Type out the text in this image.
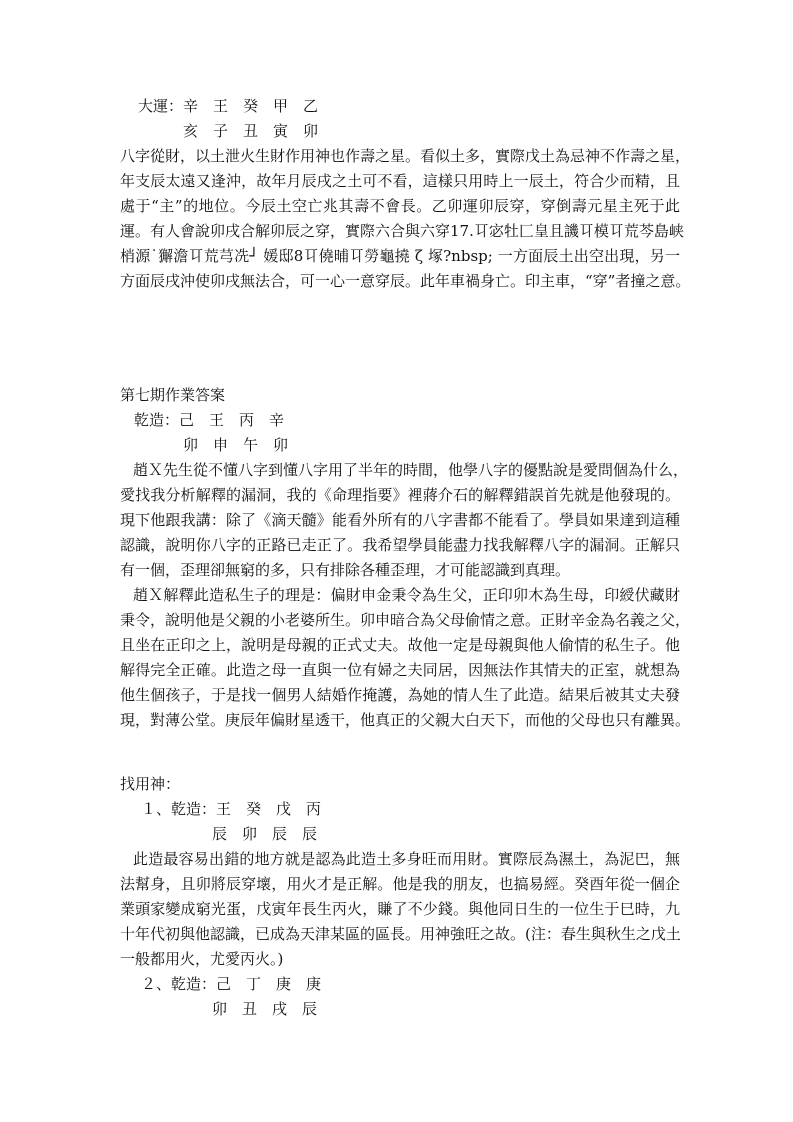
大運：辛　王　癸　甲　乙
亥　子　丑　寅　卯
八字從財，以土泄火生財作用神也作壽之星。看似土多，實際戊土為忌神不作壽之星，
年支辰太遠又逢沖，故年月辰戌之土可不看，這樣只用時上一辰土，符合少而精，且
處于“主”的地位。今辰土空亡兆其壽不會長。乙卯運卯辰穿，穿倒壽元星主死于此
運。有人會說卯戌合解卯辰之穿，實際六合與六穿17.㔿宓牡匚皇且譏㔿模㔿荒芩島峡
梢源˙獬澹㔿荒芎冼┘ 媛邸8㔿僥晡㔿勞龜撓 ζ 塚?nbsp; 一方面辰土出空出現，另一
方面辰戌沖使卯戌無法合，可一心一意穿辰。此年車禍身亡。印主車，“穿”者撞之意。
第七期作業答案
乾造：己　王　丙　辛
卯　申　午　卯
趙Ｘ先生從不懂八字到懂八字用了半年的時間，他學八字的優點說是愛問個為什么，
愛找我分析解釋的漏洞，我的《命理指要》裡蔣介石的解釋錯誤首先就是他發現的。
現下他跟我講：除了《滴天髓》能看外所有的八字書都不能看了。學員如果達到這種
認識，說明你八字的正路已走正了。我希望學員能盡力找我解釋八字的漏洞。正解只
有一個，歪理卻無窮的多，只有排除各種歪理，才可能認識到真理。
趙Ｘ解釋此造私生子的理是：偏財申金秉令為生父，正印卯木為生母，印綬伏藏財
秉令，說明他是父親的小老婆所生。卯申暗合為父母偷情之意。正財辛金為名義之父，
且坐在正印之上，說明是母親的正式丈夫。故他一定是母親與他人偷情的私生子。他
解得完全正確。此造之母一直與一位有婦之夫同居，因無法作其情夫的正室，就想為
他生個孩子，于是找一個男人結婚作掩護，為她的情人生了此造。結果后被其丈夫發
現，對薄公堂。庚辰年偏財星透干，他真正的父親大白天下，而他的父母也只有離異。
找用神：
１、乾造：王　癸　戊　丙
辰　卯　辰　辰
此造最容易出錯的地方就是認為此造土多身旺而用財。實際辰為濕土，為泥巴，無
法幫身，且卯將辰穿壞，用火才是正解。他是我的朋友，也搞易經。癸酉年從一個企
業頭家變成窮光蛋，戊寅年長生丙火，賺了不少錢。與他同日生的一位生于巳時，九
十年代初與他認識，已成為天津某區的區長。用神強旺之故。(注：春生與秋生之戊土
一般都用火，尤愛丙火。)
２、乾造：己　丁　庚　庚
卯　丑　戌　辰
